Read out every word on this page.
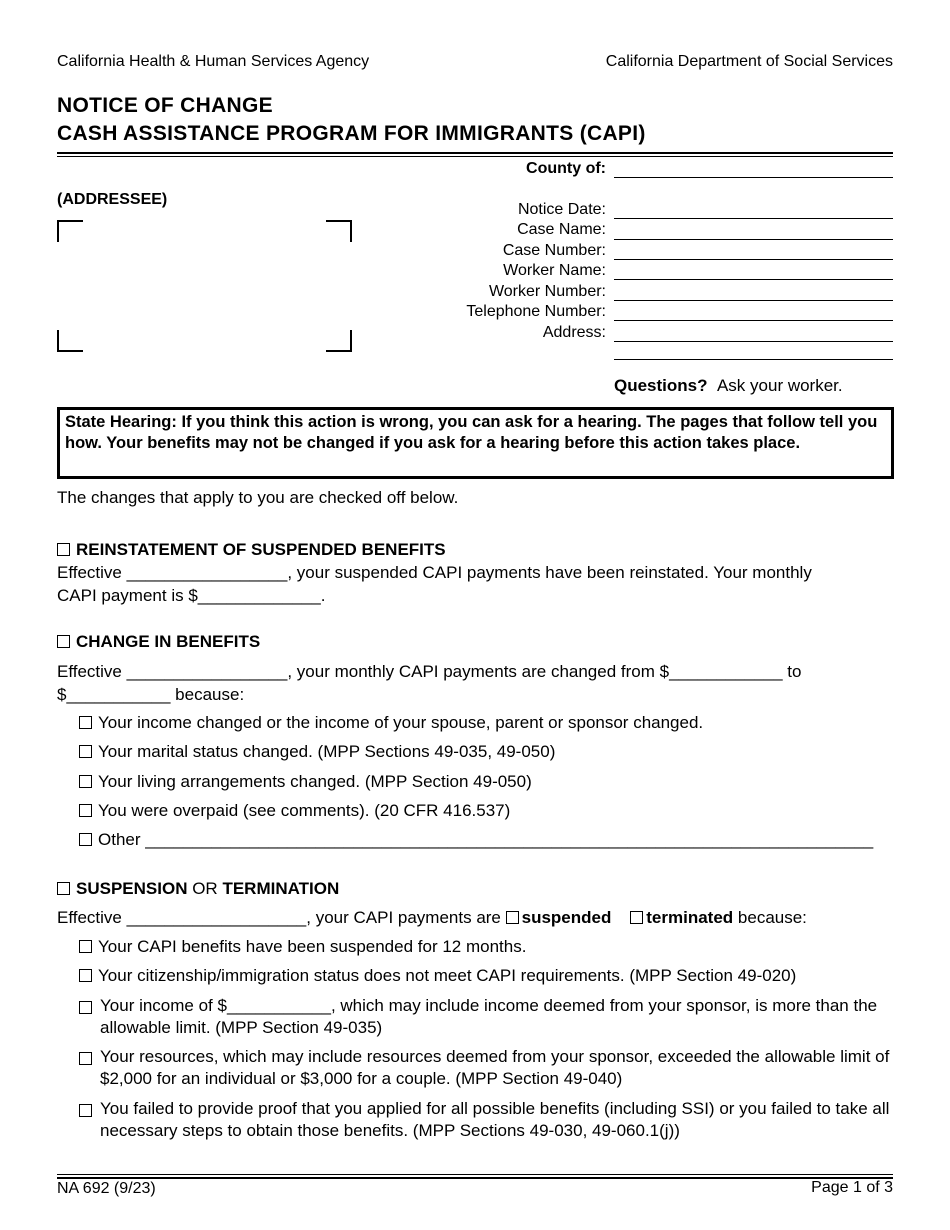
California Health & Human Services Agency	California Department of Social Services
NOTICE OF CHANGE
CASH ASSISTANCE PROGRAM FOR IMMIGRANTS (CAPI)
County of:
(ADDRESSEE)
Notice Date:
Case Name:
Case Number:
Worker Name:
Worker Number:
Telephone Number:
Address:
Questions? Ask your worker.
State Hearing: If you think this action is wrong, you can ask for a hearing. The pages that follow tell you how. Your benefits may not be changed if you ask for a hearing before this action takes place.
The changes that apply to you are checked off below.
REINSTATEMENT OF SUSPENDED BENEFITS
Effective _________________, your suspended CAPI payments have been reinstated. Your monthly
CAPI payment is $_____________.
CHANGE IN BENEFITS
Effective _________________, your monthly CAPI payments are changed from $____________ to
$___________ because:
Your income changed or the income of your spouse, parent or sponsor changed.
Your marital status changed. (MPP Sections 49-035, 49-050)
Your living arrangements changed. (MPP Section 49-050)
You were overpaid (see comments). (20 CFR 416.537)
Other _____________________________________________________________________________
SUSPENSION OR TERMINATION
Effective ___________________, your CAPI payments are suspended terminated because:
Your CAPI benefits have been suspended for 12 months.
Your citizenship/immigration status does not meet CAPI requirements. (MPP Section 49-020)
Your income of $___________, which may include income deemed from your sponsor, is more than the allowable limit. (MPP Section 49-035)
Your resources, which may include resources deemed from your sponsor, exceeded the allowable limit of $2,000 for an individual or $3,000 for a couple. (MPP Section 49-040)
You failed to provide proof that you applied for all possible benefits (including SSI) or you failed to take all necessary steps to obtain those benefits. (MPP Sections 49-030, 49-060.1(j))
NA 692 (9/23)	Page 1 of 3
